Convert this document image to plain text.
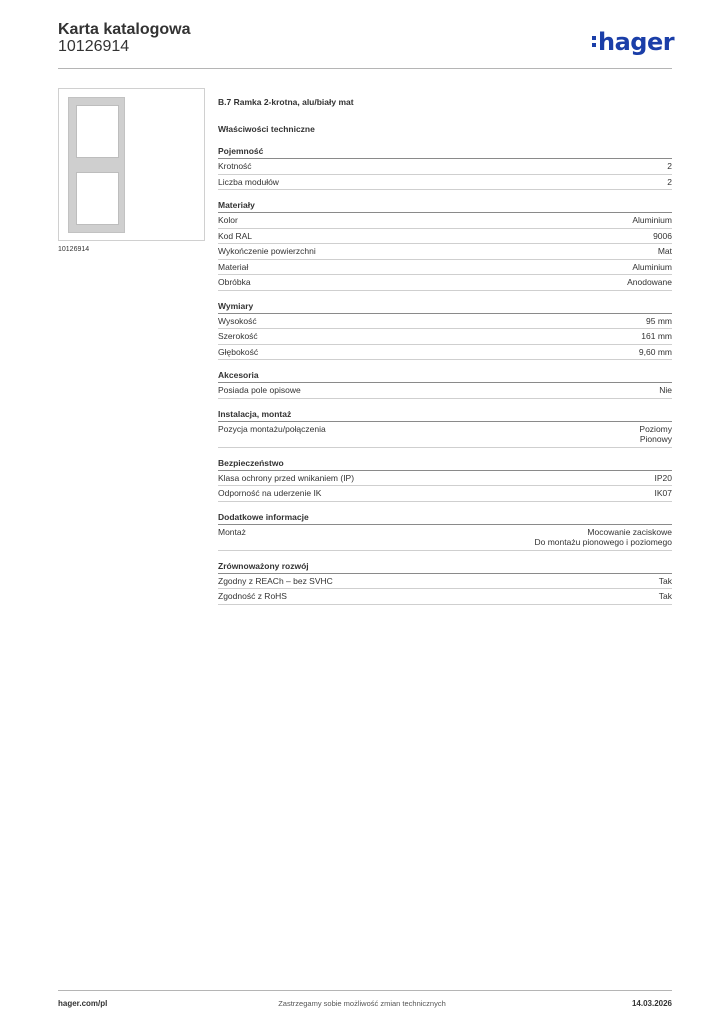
Karta katalogowa
10126914	hager
10126914
B.7 Ramka 2-krotna, alu/biały mat
Właściwości techniczne
Pojemność
Krotność	2
Liczba modułów	2
Materiały
Kolor	Aluminium
Kod RAL	9006
Wykończenie powierzchni	Mat
Materiał	Aluminium
Obróbka	Anodowane
Wymiary
Wysokość	95 mm
Szerokość	161 mm
Głębokość	9,60 mm
Akcesoria
Posiada pole opisowe	Nie
Instalacja, montaż
Pozycja montażu/połączenia	Poziomy
Pionowy
Bezpieczeństwo
Klasa ochrony przed wnikaniem (IP)	IP20
Odporność na uderzenie IK	IK07
Dodatkowe informacje
Montaż	Mocowanie zaciskowe
Do montażu pionowego i poziomego
Zrównoważony rozwój
Zgodny z REACh – bez SVHC	Tak
Zgodność z RoHS	Tak
Zastrzegamy sobie możliwość zmian technicznych
hager.com/pl	14.03.2026
